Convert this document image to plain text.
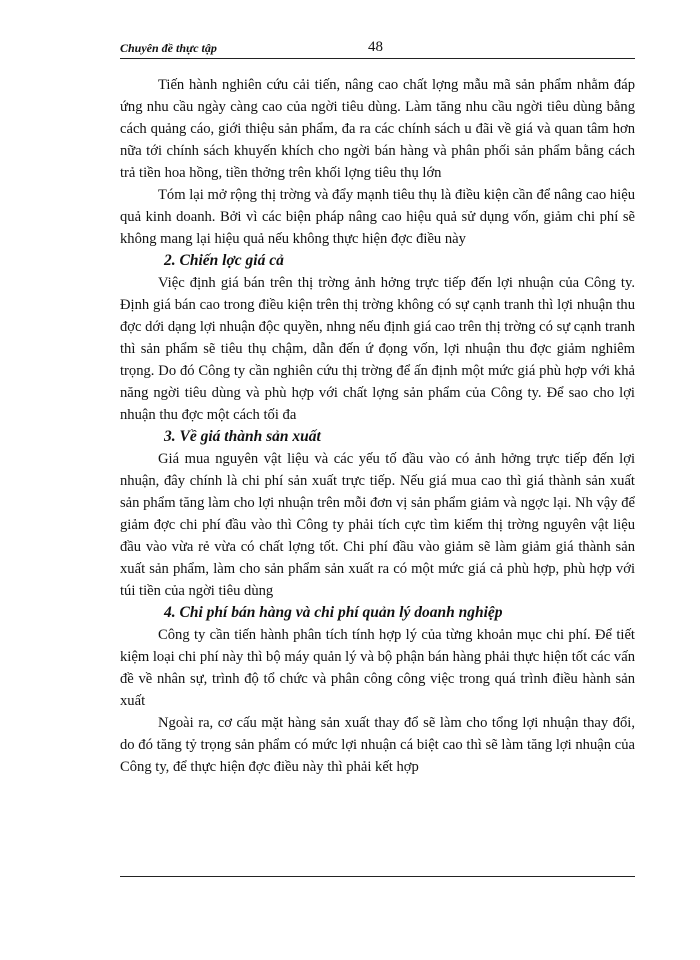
Chuyên đề thực tập	48

Tiến hành nghiên cứu cải tiến, nâng cao chất lợng mẫu mã sản phẩm nhằm đáp ứng nhu cầu ngày càng cao của ngời tiêu dùng. Làm tăng nhu cầu ngời tiêu dùng bằng cách quảng cáo, giới thiệu sản phẩm, đa ra các chính sách u đãi về giá và quan tâm hơn nữa tới chính sách khuyến khích cho ngời bán hàng và phân phối sản phẩm bằng cách trả tiền hoa hồng, tiền thởng trên khối lợng tiêu thụ lớn

Tóm lại mở rộng thị trờng và đẩy mạnh tiêu thụ là điều kiện cần để nâng cao hiệu quả kinh doanh. Bởi vì các biện pháp nâng cao hiệu quả sử dụng vốn, giảm chi phí sẽ không mang lại hiệu quả nếu không thực hiện đợc điều này

2. Chiến lợc giá cả

Việc định giá bán trên thị trờng ảnh hởng trực tiếp đến lợi nhuận của Công ty. Định giá bán cao trong điều kiện trên thị trờng không có sự cạnh tranh thì lợi nhuận thu đợc dới dạng lợi nhuận độc quyền, nhng nếu định giá cao trên thị trờng có sự cạnh tranh thì sản phẩm sẽ tiêu thụ chậm, dẫn đến ứ đọng vốn, lợi nhuận thu đợc giảm nghiêm trọng. Do đó Công ty cần nghiên cứu thị trờng để ấn định một mức giá phù hợp với khả năng ngời tiêu dùng và phù hợp với chất lợng sản phẩm của Công ty. Để sao cho lợi nhuận thu đợc một cách tối đa

3. Về giá thành sản xuất

Giá mua nguyên vật liệu và các yếu tố đầu vào có ảnh hởng trực tiếp đến lợi nhuận, đây chính là chi phí sản xuất trực tiếp. Nếu giá mua cao thì giá thành sản xuất sản phẩm tăng làm cho lợi nhuận trên mỗi đơn vị sản phẩm giảm và ngợc lại. Nh vậy để giảm đợc chi phí đầu vào thì Công ty phải tích cực tìm kiếm thị trờng nguyên vật liệu đầu vào vừa rẻ vừa có chất lợng tốt. Chi phí đầu vào giảm sẽ làm giảm giá thành sản xuất sản phẩm, làm cho sản phẩm sản xuất ra có một mức giá cả phù hợp, phù hợp với túi tiền của ngời tiêu dùng

4. Chi phí bán hàng và chi phí quản lý doanh nghiệp

Công ty cần tiến hành phân tích tính hợp lý của từng khoản mục chi phí. Để tiết kiệm loại chi phí này thì bộ máy quản lý và bộ phận bán hàng phải thực hiện tốt các vấn đề về nhân sự, trình độ tổ chức và phân công công việc trong quá trình điều hành sản xuất

Ngoài ra, cơ cấu mặt hàng sản xuất thay đổ sẽ làm cho tổng lợi nhuận thay đổi, do đó tăng tỷ trọng sản phẩm có mức lợi nhuận cá biệt cao thì sẽ làm tăng lợi nhuận của Công ty, để thực hiện đợc điều này thì phải kết hợp
